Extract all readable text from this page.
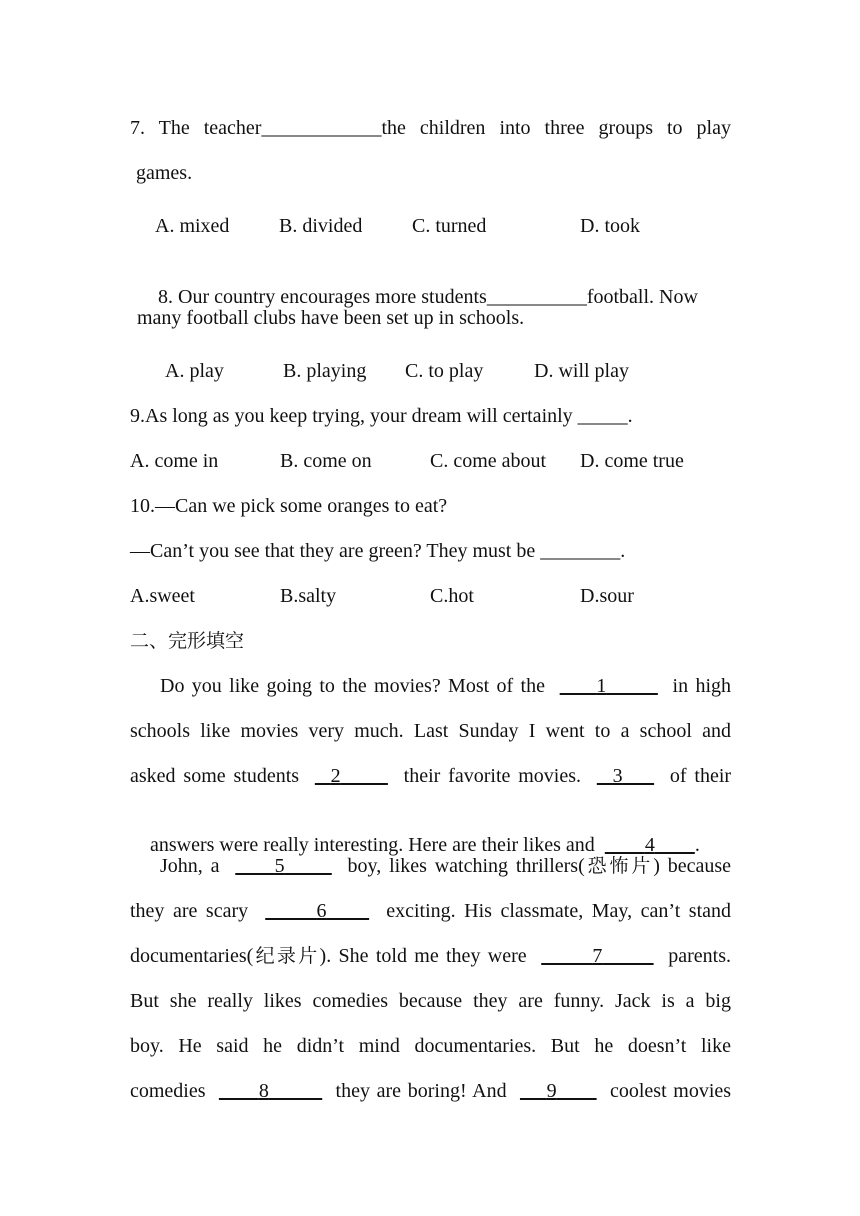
7. The teacher____________the children into three groups to play
games.
A. mixed B. divided C. turned	D. took

8. Our country encourages more students__________football. Now

many football clubs have been set up in schools.
A. play	B. playing C. to play	D. will play
9.As long as you keep trying, your dream will certainly _____.
A. come in	B. come on	C. come about D. come true
10.—Can we pick some oranges to eat?
—Can’t you see that they are green? They must be ________.
A.sweet	B.salty	C.hot	D.sour
二、完形填空
Do you like going to the movies? Most of the	1	in high
schools like movies very much. Last Sunday I went to a school and
asked some students 2	their favorite movies. 3 of their

answers were really interesting. Here are their likes and	4 .

John, a	5	boy, likes watching thrillers(恐怖片) because
they are scary	6	exciting. His classmate, May, can’t stand
documentaries(纪录片). She told me they were	7	parents.
But she really likes comedies because they are funny. Jack is a big
boy. He said he didn’t mind documentaries. But he doesn’t like
comedies	8	they are boring! And 9	coolest movies
